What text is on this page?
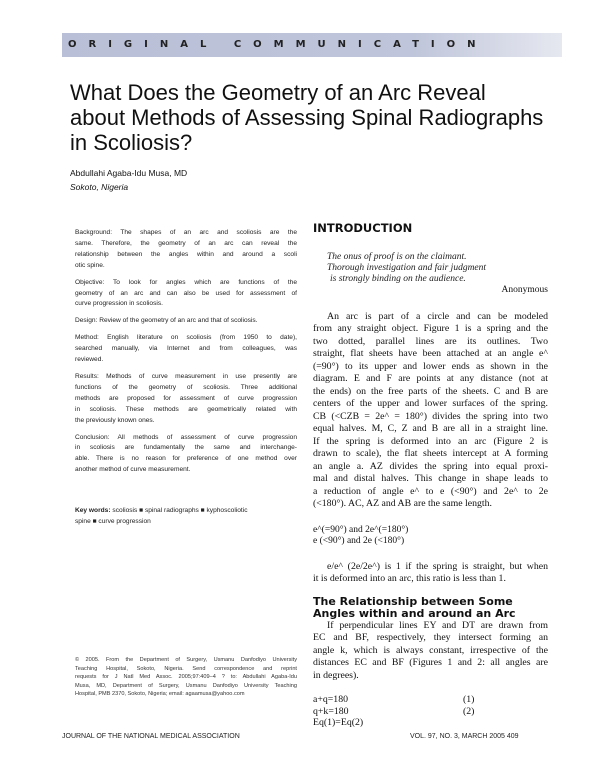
ORIGINAL COMMUNICATION
What Does the Geometry of an Arc Reveal
about Methods of Assessing Spinal Radiographs
in Scoliosis?
Abdullahi Agaba-Idu Musa, MD
Sokoto, Nigeria

Background: The shapes of an arc and scoliosis are the
same. Therefore, the geometry of an arc can reveal the
relationship between the angles within and around a scoli
otic spine.

Objective: To look for angles which are functions of the
geometry of an arc and can also be used for assessment of
curve progression in scoliosis.

Design: Review of the geometry of an arc and that of scoliosis.

Method: English literature on scoliosis (from 1950 to date),
searched manually, via Internet and from colleagues, was
reviewed.

Results: Methods of curve measurement in use presently are
functions of the geometry of scoliosis. Three additional
methods are proposed for assessment of curve progression
in scoliosis. These methods are geometrically related with
the previously known ones.

Conclusion: All methods of assessment of curve progression
in scoliosis are fundamentally the same and interchange-
able. There is no reason for preference of one method over
another method of curve measurement.

Key words: scoliosis ■ spinal radiographs ■ kyphoscoliotic
spine ■ curve progression
© 2005. From the Department of Surgery, Usmanu Danfodiyo University
Teaching Hospital, Sokoto, Nigeria. Send correspondence and reprint
requests for J Natl Med Assoc. 2005;97:409–4 ? to: Abdullahi Agaba-Idu
Musa, MD, Department of Surgery, Usmanu Danfodiyo University Teaching
Hospital, PMB 2370, Sokoto, Nigeria; email: agaamusa@yahoo.com
JOURNAL OF THE NATIONAL MEDICAL ASSOCIATION	VOL. 97, NO. 3, MARCH 2005 409
INTRODUCTION
The onus of proof is on the claimant.
Thorough investigation and fair judgment
is strongly binding on the audience.
Anonymous
An arc is part of a circle and can be modeled
from any straight object. Figure 1 is a spring and the
two dotted, parallel lines are its outlines. Two
straight, flat sheets have been attached at an angle e^
(=90°) to its upper and lower ends as shown in the
diagram. E and F are points at any distance (not at
the ends) on the free parts of the sheets. C and B are
centers of the upper and lower surfaces of the spring.
CB (<CZB = 2e^ = 180°) divides the spring into two
equal halves. M, C, Z and B are all in a straight line.
If the spring is deformed into an arc (Figure 2 is
drawn to scale), the flat sheets intercept at A forming
an angle a. AZ divides the spring into equal proxi-
mal and distal halves. This change in shape leads to
a reduction of angle e^ to e (<90°) and 2e^ to 2e
(<180°). AC, AZ and AB are the same length.
e^(=90°) and 2e^(=180°)
e (<90°) and 2e (<180°)
e/e^ (2e/2e^) is 1 if the spring is straight, but when
it is deformed into an arc, this ratio is less than 1.
The Relationship between Some
Angles within and around an Arc
If perpendicular lines EY and DT are drawn from
EC and BF, respectively, they intersect forming an
angle k, which is always constant, irrespective of the
distances EC and BF (Figures 1 and 2: all angles are
in degrees).
a+q=180	(1)
q+k=180	(2)
Eq(1)=Eq(2)
